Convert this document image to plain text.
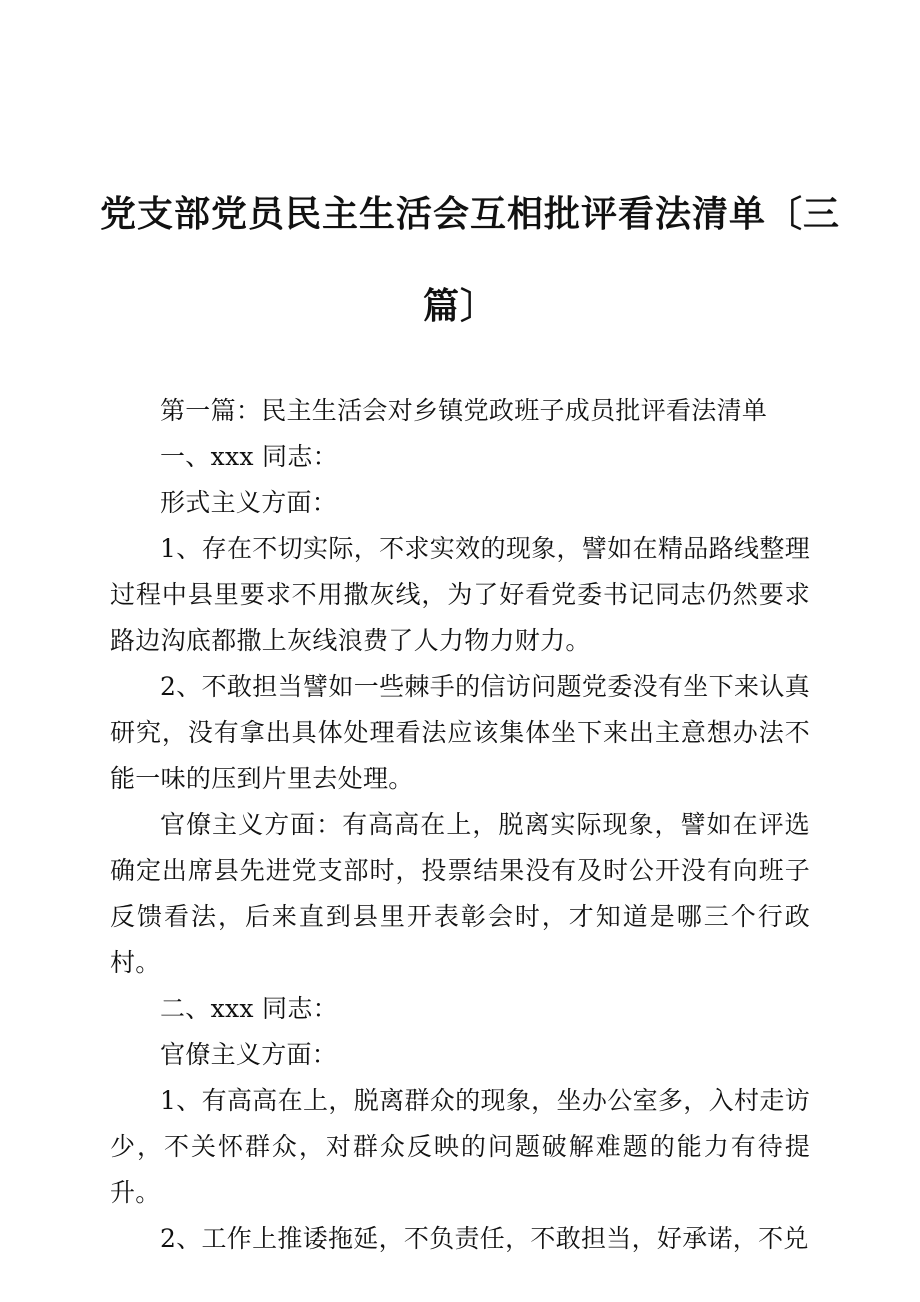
党支部党员民主生活会互相批评看法清单〔三
篇〕

第一篇：民主生活会对乡镇党政班子成员批评看法清单

一、xxx 同志：

形式主义方面：

1、存在不切实际，不求实效的现象，譬如在精品路线整理过程中县里要求不用撒灰线，为了好看党委书记同志仍然要求路边沟底都撒上灰线浪费了人力物力财力。

2、不敢担当譬如一些棘手的信访问题党委没有坐下来认真研究，没有拿出具体处理看法应该集体坐下来出主意想办法不能一味的压到片里去处理。

官僚主义方面：有高高在上，脱离实际现象，譬如在评选确定出席县先进党支部时，投票结果没有及时公开没有向班子反馈看法，后来直到县里开表彰会时，才知道是哪三个行政村。

二、xxx 同志：

官僚主义方面：

1、有高高在上，脱离群众的现象，坐办公室多，入村走访少，不关怀群众，对群众反映的问题破解难题的能力有待提升。

2、工作上推诿拖延，不负责任，不敢担当，好承诺，不兑
